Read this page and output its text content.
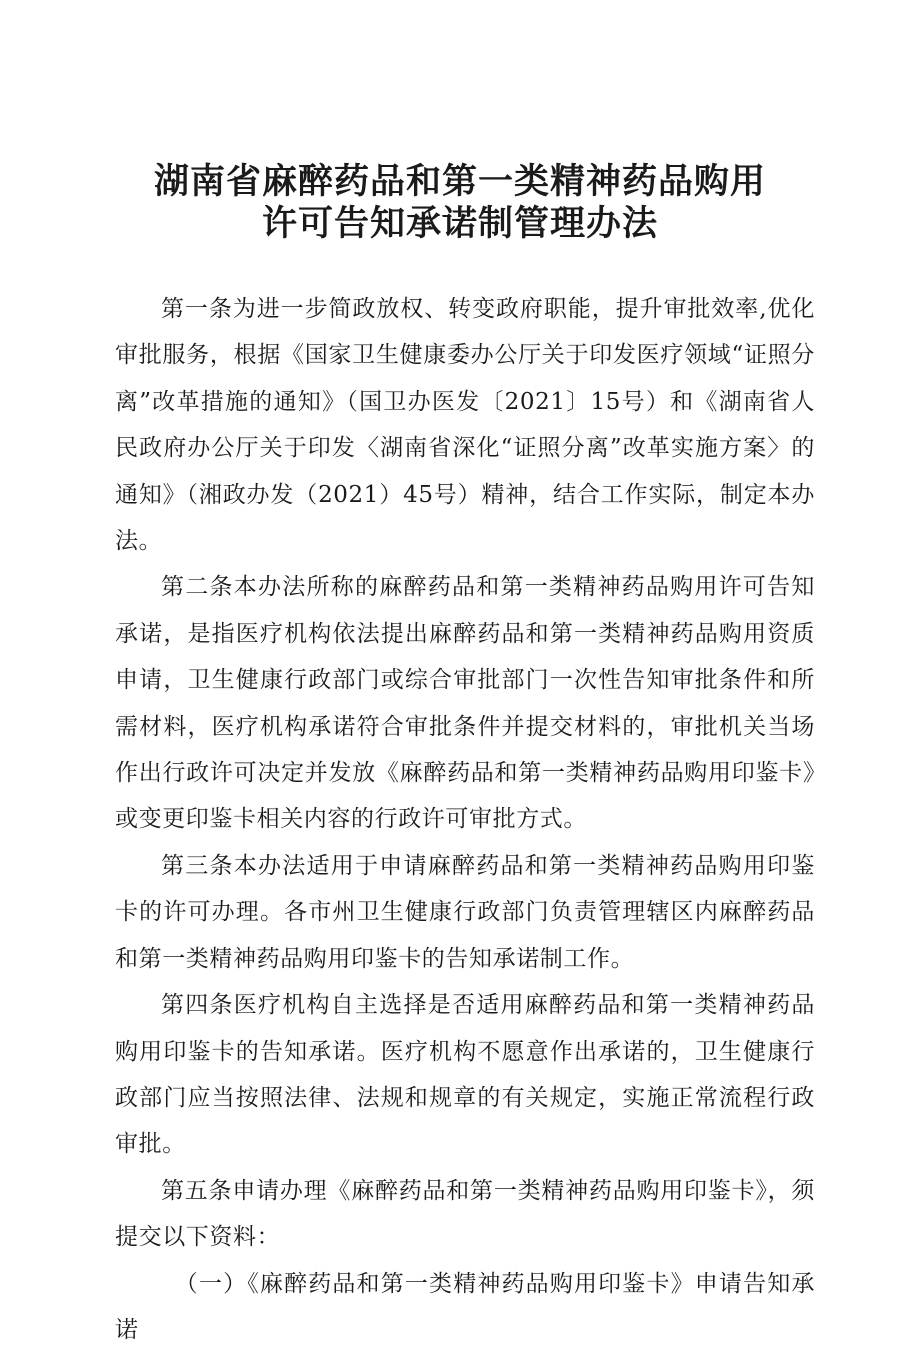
湖南省麻醉药品和第一类精神药品购用
许可告知承诺制管理办法

第一条为进一步简政放权、转变政府职能，提升审批效率,优化审批服务，根据《国家卫生健康委办公厅关于印发医疗领域“证照分离”改革措施的通知》（国卫办医发〔2021〕15号）和《湖南省人民政府办公厅关于印发〈湖南省深化“证照分离”改革实施方案〉的通知》（湘政办发（2021）45号）精神，结合工作实际，制定本办法。

第二条本办法所称的麻醉药品和第一类精神药品购用许可告知承诺，是指医疗机构依法提出麻醉药品和第一类精神药品购用资质申请，卫生健康行政部门或综合审批部门一次性告知审批条件和所需材料，医疗机构承诺符合审批条件并提交材料的，审批机关当场作出行政许可决定并发放《麻醉药品和第一类精神药品购用印鉴卡》或变更印鉴卡相关内容的行政许可审批方式。

第三条本办法适用于申请麻醉药品和第一类精神药品购用印鉴卡的许可办理。各市州卫生健康行政部门负责管理辖区内麻醉药品和第一类精神药品购用印鉴卡的告知承诺制工作。

第四条医疗机构自主选择是否适用麻醉药品和第一类精神药品购用印鉴卡的告知承诺。医疗机构不愿意作出承诺的，卫生健康行政部门应当按照法律、法规和规章的有关规定，实施正常流程行政审批。

第五条申请办理《麻醉药品和第一类精神药品购用印鉴卡》，须提交以下资料：

（一）《麻醉药品和第一类精神药品购用印鉴卡》申请告知承诺
